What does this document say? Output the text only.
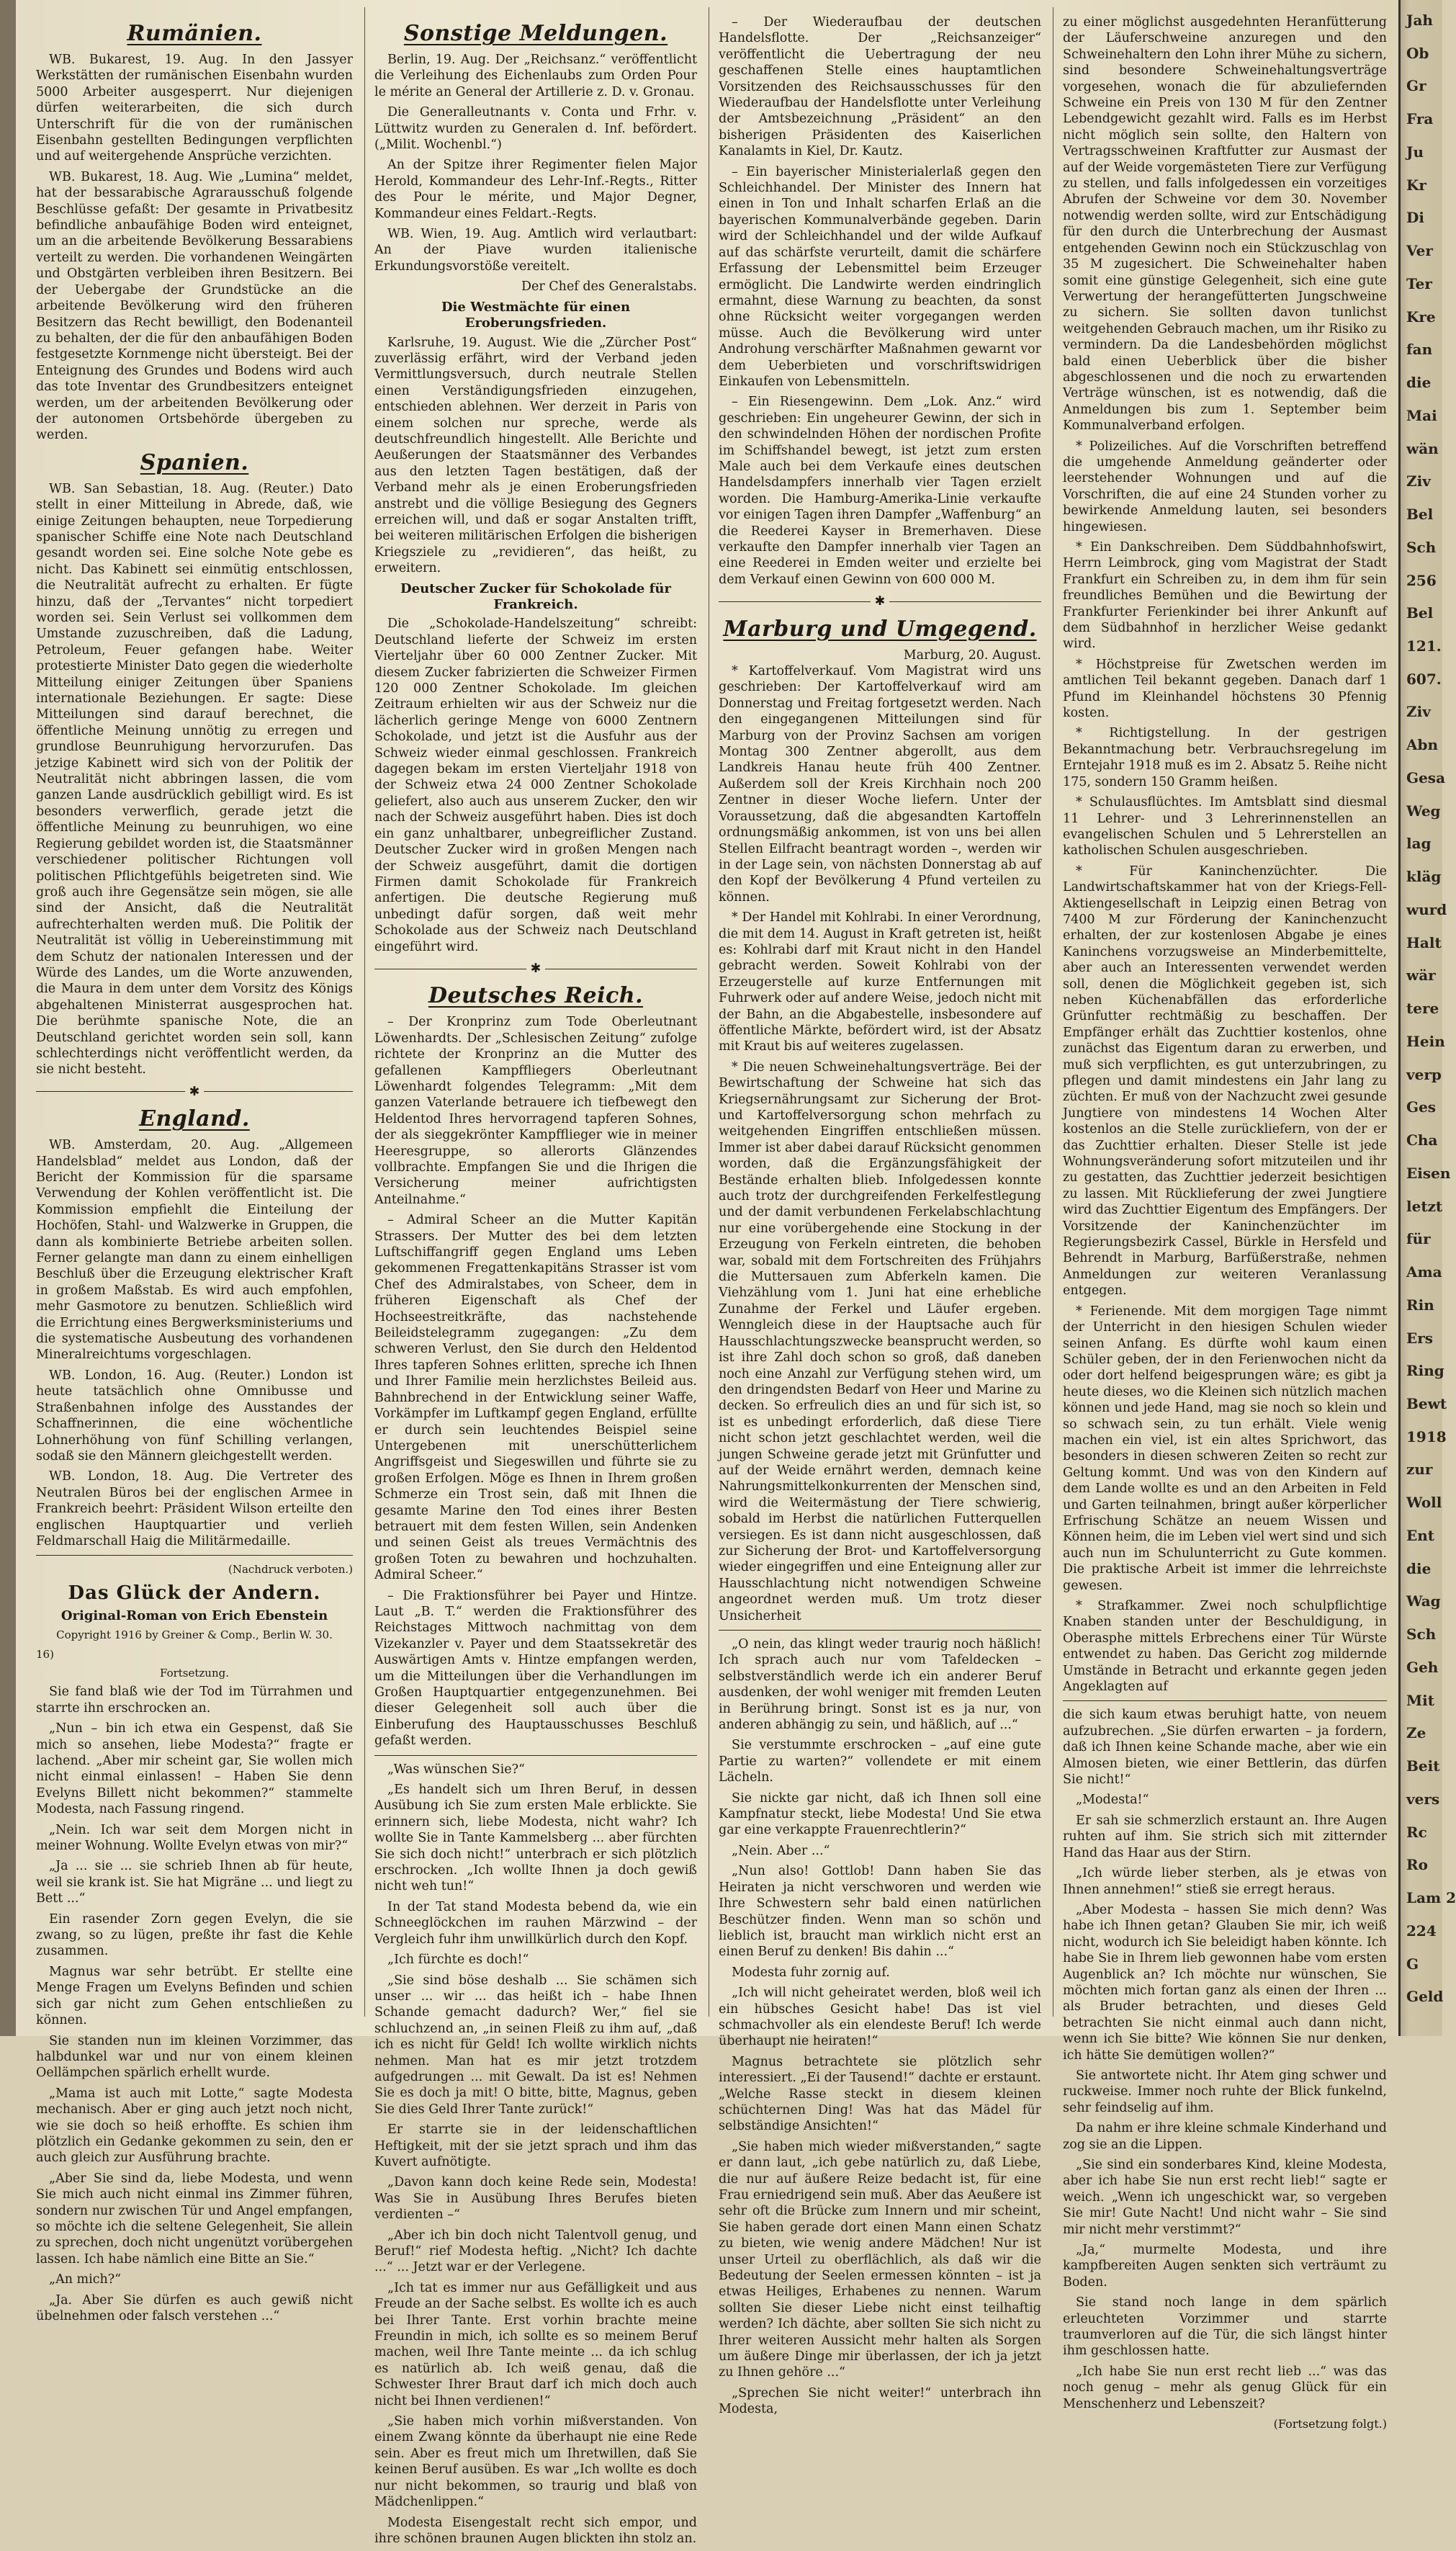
Rumänien.

WB. Bukarest, 19. Aug. In den Jassyer Werkstätten der rumänischen Eisenbahn wurden 5000 Arbeiter ausgesperrt. Nur diejenigen dürfen weiterarbeiten, die sich durch Unterschrift für die von der rumänischen Eisenbahn gestellten Bedingungen verpflichten und auf weitergehende Ansprüche verzichten.

WB. Bukarest, 18. Aug. Wie „Lumina“ meldet, hat der bessarabische Agrarausschuß folgende Beschlüsse gefaßt: Der gesamte in Privatbesitz befindliche anbaufähige Boden wird enteignet, um an die arbeitende Bevölkerung Bessarabiens verteilt zu werden. Die vorhandenen Weingärten und Obstgärten verbleiben ihren Besitzern. Bei der Uebergabe der Grundstücke an die arbeitende Bevölkerung wird den früheren Besitzern das Recht bewilligt, den Bodenanteil zu behalten, der die für den anbaufähigen Boden festgesetzte Kornmenge nicht übersteigt. Bei der Enteignung des Grundes und Bodens wird auch das tote Inventar des Grundbesitzers enteignet werden, um der arbeitenden Bevölkerung oder der autonomen Ortsbehörde übergeben zu werden.

Spanien.

WB. San Sebastian, 18. Aug. (Reuter.) Dato stellt in einer Mitteilung in Abrede, daß, wie einige Zeitungen behaupten, neue Torpedierung spanischer Schiffe eine Note nach Deutschland gesandt worden sei. Eine solche Note gebe es nicht. Das Kabinett sei einmütig entschlossen, die Neutralität aufrecht zu erhalten. Er fügte hinzu, daß der „Tervantes“ nicht torpediert worden sei. Sein Verlust sei vollkommen dem Umstande zuzuschreiben, daß die Ladung, Petroleum, Feuer gefangen habe. Weiter protestierte Minister Dato gegen die wiederholte Mitteilung einiger Zeitungen über Spaniens internationale Beziehungen. Er sagte: Diese Mitteilungen sind darauf berechnet, die öffentliche Meinung unnötig zu erregen und grundlose Beunruhigung hervorzurufen. Das jetzige Kabinett wird sich von der Politik der Neutralität nicht abbringen lassen, die vom ganzen Lande ausdrücklich gebilligt wird. Es ist besonders verwerflich, gerade jetzt die öffentliche Meinung zu beunruhigen, wo eine Regierung gebildet worden ist, die Staatsmänner verschiedener politischer Richtungen voll politischen Pflichtgefühls beigetreten sind. Wie groß auch ihre Gegensätze sein mögen, sie alle sind der Ansicht, daß die Neutralität aufrechterhalten werden muß. Die Politik der Neutralität ist völlig in Uebereinstimmung mit dem Schutz der nationalen Interessen und der Würde des Landes, um die Worte anzuwenden, die Maura in dem unter dem Vorsitz des Königs abgehaltenen Ministerrat ausgesprochen hat. Die berühmte spanische Note, die an Deutschland gerichtet worden sein soll, kann schlechterdings nicht veröffentlicht werden, da sie nicht besteht.

✱
England.

WB. Amsterdam, 20. Aug. „Allgemeen Handelsblad“ meldet aus London, daß der Bericht der Kommission für die sparsame Verwendung der Kohlen veröffentlicht ist. Die Kommission empfiehlt die Einteilung der Hochöfen, Stahl- und Walzwerke in Gruppen, die dann als kombinierte Betriebe arbeiten sollen. Ferner gelangte man dann zu einem einhelligen Beschluß über die Erzeugung elektrischer Kraft in großem Maßstab. Es wird auch empfohlen, mehr Gasmotore zu benutzen. Schließlich wird die Errichtung eines Bergwerksministeriums und die systematische Ausbeutung des vorhandenen Mineralreichtums vorgeschlagen.

WB. London, 16. Aug. (Reuter.) London ist heute tatsächlich ohne Omnibusse und Straßenbahnen infolge des Ausstandes der Schaffnerinnen, die eine wöchentliche Lohnerhöhung von fünf Schilling verlangen, sodaß sie den Männern gleichgestellt werden.

WB. London, 18. Aug. Die Vertreter des Neutralen Büros bei der englischen Armee in Frankreich beehrt: Präsident Wilson erteilte den englischen Hauptquartier und verlieh Feldmarschall Haig die Militärmedaille.

(Nachdruck verboten.)
Das Glück der Andern.
Original-Roman von Erich Ebenstein
Copyright 1916 by Greiner & Comp., Berlin W. 30.
16)
Fortsetzung.

Sie fand blaß wie der Tod im Türrahmen und starrte ihn erschrocken an.

„Nun – bin ich etwa ein Gespenst, daß Sie mich so ansehen, liebe Modesta?“ fragte er lachend. „Aber mir scheint gar, Sie wollen mich nicht einmal einlassen! – Haben Sie denn Evelyns Billett nicht bekommen?“ stammelte Modesta, nach Fassung ringend.

„Nein. Ich war seit dem Morgen nicht in meiner Wohnung. Wollte Evelyn etwas von mir?“

„Ja ... sie ... sie schrieb Ihnen ab für heute, weil sie krank ist. Sie hat Migräne ... und liegt zu Bett ...“

Ein rasender Zorn gegen Evelyn, die sie zwang, so zu lügen, preßte ihr fast die Kehle zusammen.

Magnus war sehr betrübt. Er stellte eine Menge Fragen um Evelyns Befinden und schien sich gar nicht zum Gehen entschließen zu können.

Sie standen nun im kleinen Vorzimmer, das halbdunkel war und nur von einem kleinen Oellämpchen spärlich erhellt wurde.

„Mama ist auch mit Lotte,“ sagte Modesta mechanisch. Aber er ging auch jetzt noch nicht, wie sie doch so heiß erhoffte. Es schien ihm plötzlich ein Gedanke gekommen zu sein, den er auch gleich zur Ausführung brachte.

„Aber Sie sind da, liebe Modesta, und wenn Sie mich auch nicht einmal ins Zimmer führen, sondern nur zwischen Tür und Angel empfangen, so möchte ich die seltene Gelegenheit, Sie allein zu sprechen, doch nicht ungenützt vorübergehen lassen. Ich habe nämlich eine Bitte an Sie.“

„An mich?“

„Ja. Aber Sie dürfen es auch gewiß nicht übelnehmen oder falsch verstehen ...“

Sonstige Meldungen.

Berlin, 19. Aug. Der „Reichsanz.“ veröffentlicht die Verleihung des Eichenlaubs zum Orden Pour le mérite an General der Artillerie z. D. v. Gronau.

Die Generalleutnants v. Conta und Frhr. v. Lüttwitz wurden zu Generalen d. Inf. befördert. („Milit. Wochenbl.“)

An der Spitze ihrer Regimenter fielen Major Herold, Kommandeur des Lehr-Inf.-Regts., Ritter des Pour le mérite, und Major Degner, Kommandeur eines Feldart.-Regts.

WB. Wien, 19. Aug. Amtlich wird verlautbart: An der Piave wurden italienische Erkundungsvorstöße vereitelt.

Der Chef des Generalstabs.

Die Westmächte für einen Eroberungsfrieden.

Karlsruhe, 19. August. Wie die „Zürcher Post“ zuverlässig erfährt, wird der Verband jeden Vermittlungsversuch, durch neutrale Stellen einen Verständigungsfrieden einzugehen, entschieden ablehnen. Wer derzeit in Paris von einem solchen nur spreche, werde als deutschfreundlich hingestellt. Alle Berichte und Aeußerungen der Staatsmänner des Verbandes aus den letzten Tagen bestätigen, daß der Verband mehr als je einen Eroberungsfrieden anstrebt und die völlige Besiegung des Gegners erreichen will, und daß er sogar Anstalten trifft, bei weiteren militärischen Erfolgen die bisherigen Kriegsziele zu „revidieren“, das heißt, zu erweitern.

Deutscher Zucker für Schokolade für Frankreich.

Die „Schokolade-Handelszeitung“ schreibt: Deutschland lieferte der Schweiz im ersten Vierteljahr über 60 000 Zentner Zucker. Mit diesem Zucker fabrizierten die Schweizer Firmen 120 000 Zentner Schokolade. Im gleichen Zeitraum erhielten wir aus der Schweiz nur die lächerlich geringe Menge von 6000 Zentnern Schokolade, und jetzt ist die Ausfuhr aus der Schweiz wieder einmal geschlossen. Frankreich dagegen bekam im ersten Vierteljahr 1918 von der Schweiz etwa 24 000 Zentner Schokolade geliefert, also auch aus unserem Zucker, den wir nach der Schweiz ausgeführt haben. Dies ist doch ein ganz unhaltbarer, unbegreiflicher Zustand. Deutscher Zucker wird in großen Mengen nach der Schweiz ausgeführt, damit die dortigen Firmen damit Schokolade für Frankreich anfertigen. Die deutsche Regierung muß unbedingt dafür sorgen, daß weit mehr Schokolade aus der Schweiz nach Deutschland eingeführt wird.

✱
Deutsches Reich.

– Der Kronprinz zum Tode Oberleutnant Löwenhardts. Der „Schlesischen Zeitung“ zufolge richtete der Kronprinz an die Mutter des gefallenen Kampffliegers Oberleutnant Löwenhardt folgendes Telegramm: „Mit dem ganzen Vaterlande betrauere ich tiefbewegt den Heldentod Ihres hervorragend tapferen Sohnes, der als sieggekrönter Kampfflieger wie in meiner Heeresgruppe, so allerorts Glänzendes vollbrachte. Empfangen Sie und die Ihrigen die Versicherung meiner aufrichtigsten Anteilnahme.“

– Admiral Scheer an die Mutter Kapitän Strassers. Der Mutter des bei dem letzten Luftschiffangriff gegen England ums Leben gekommenen Fregattenkapitäns Strasser ist vom Chef des Admiralstabes, von Scheer, dem in früheren Eigenschaft als Chef der Hochseestreitkräfte, das nachstehende Beileidstelegramm zugegangen: „Zu dem schweren Verlust, den Sie durch den Heldentod Ihres tapferen Sohnes erlitten, spreche ich Ihnen und Ihrer Familie mein herzlichstes Beileid aus. Bahnbrechend in der Entwicklung seiner Waffe, Vorkämpfer im Luftkampf gegen England, erfüllte er durch sein leuchtendes Beispiel seine Untergebenen mit unerschütterlichem Angriffsgeist und Siegeswillen und führte sie zu großen Erfolgen. Möge es Ihnen in Ihrem großen Schmerze ein Trost sein, daß mit Ihnen die gesamte Marine den Tod eines ihrer Besten betrauert mit dem festen Willen, sein Andenken und seinen Geist als treues Vermächtnis des großen Toten zu bewahren und hochzuhalten. Admiral Scheer.“

– Die Fraktionsführer bei Payer und Hintze. Laut „B. T.“ werden die Fraktionsführer des Reichstages Mittwoch nachmittag von dem Vizekanzler v. Payer und dem Staatssekretär des Auswärtigen Amts v. Hintze empfangen werden, um die Mitteilungen über die Verhandlungen im Großen Hauptquartier entgegenzunehmen. Bei dieser Gelegenheit soll auch über die Einberufung des Hauptausschusses Beschluß gefaßt werden.

„Was wünschen Sie?“

„Es handelt sich um Ihren Beruf, in dessen Ausübung ich Sie zum ersten Male erblickte. Sie erinnern sich, liebe Modesta, nicht wahr? Ich wollte Sie in Tante Kammelsberg ... aber fürchten Sie sich doch nicht!“ unterbrach er sich plötzlich erschrocken. „Ich wollte Ihnen ja doch gewiß nicht weh tun!“

In der Tat stand Modesta bebend da, wie ein Schneeglöckchen im rauhen Märzwind – der Vergleich fuhr ihm unwillkürlich durch den Kopf.

„Ich fürchte es doch!“

„Sie sind böse deshalb ... Sie schämen sich unser ... wir ... das heißt ich – habe Ihnen Schande gemacht dadurch? Wer,“ fiel sie schluchzend an, „in seinen Fleiß zu ihm auf, „daß ich es nicht für Geld! Ich wollte wirklich nichts nehmen. Man hat es mir jetzt trotzdem aufgedrungen ... mit Gewalt. Da ist es! Nehmen Sie es doch ja mit! O bitte, bitte, Magnus, geben Sie dies Geld Ihrer Tante zurück!“

Er starrte sie in der leidenschaftlichen Heftigkeit, mit der sie jetzt sprach und ihm das Kuvert aufnötigte.

„Davon kann doch keine Rede sein, Modesta! Was Sie in Ausübung Ihres Berufes bieten verdienten –“

„Aber ich bin doch nicht Talentvoll genug, und Beruf!“ rief Modesta heftig. „Nicht? Ich dachte ...“ ... Jetzt war er der Verlegene.

„Ich tat es immer nur aus Gefälligkeit und aus Freude an der Sache selbst. Es wollte ich es auch bei Ihrer Tante. Erst vorhin brachte meine Freundin in mich, ich sollte es so meinem Beruf machen, weil Ihre Tante meinte ... da ich schlug es natürlich ab. Ich weiß genau, daß die Schwester Ihrer Braut darf ich mich doch auch nicht bei Ihnen verdienen!“

„Sie haben mich vorhin mißverstanden. Von einem Zwang könnte da überhaupt nie eine Rede sein. Aber es freut mich um Ihretwillen, daß Sie keinen Beruf ausüben. Es war „Ich wollte es doch nur nicht bekommen, so traurig und blaß von Mädchenlippen.“

Modesta Eisengestalt recht sich empor, und ihre schönen braunen Augen blickten ihn stolz an.

– Der Wiederaufbau der deutschen Handelsflotte. Der „Reichsanzeiger“ veröffentlicht die Uebertragung der neu geschaffenen Stelle eines hauptamtlichen Vorsitzenden des Reichsausschusses für den Wiederaufbau der Handelsflotte unter Verleihung der Amtsbezeichnung „Präsident“ an den bisherigen Präsidenten des Kaiserlichen Kanalamts in Kiel, Dr. Kautz.

– Ein bayerischer Ministerialerlaß gegen den Schleichhandel. Der Minister des Innern hat einen in Ton und Inhalt scharfen Erlaß an die bayerischen Kommunalverbände gegeben. Darin wird der Schleichhandel und der wilde Aufkauf auf das schärfste verurteilt, damit die schärfere Erfassung der Lebensmittel beim Erzeuger ermöglicht. Die Landwirte werden eindringlich ermahnt, diese Warnung zu beachten, da sonst ohne Rücksicht weiter vorgegangen werden müsse. Auch die Bevölkerung wird unter Androhung verschärfter Maßnahmen gewarnt vor dem Ueberbieten und vorschriftswidrigen Einkaufen von Lebensmitteln.

– Ein Riesengewinn. Dem „Lok. Anz.“ wird geschrieben: Ein ungeheurer Gewinn, der sich in den schwindelnden Höhen der nordischen Profite im Schiffshandel bewegt, ist jetzt zum ersten Male auch bei dem Verkaufe eines deutschen Handelsdampfers innerhalb vier Tagen erzielt worden. Die Hamburg-Amerika-Linie verkaufte vor einigen Tagen ihren Dampfer „Waffenburg“ an die Reederei Kayser in Bremerhaven. Diese verkaufte den Dampfer innerhalb vier Tagen an eine Reederei in Emden weiter und erzielte bei dem Verkauf einen Gewinn von 600 000 M.

✱
Marburg und Umgegend.
Marburg, 20. August.

* Kartoffelverkauf. Vom Magistrat wird uns geschrieben: Der Kartoffelverkauf wird am Donnerstag und Freitag fortgesetzt werden. Nach den eingegangenen Mitteilungen sind für Marburg von der Provinz Sachsen am vorigen Montag 300 Zentner abgerollt, aus dem Landkreis Hanau heute früh 400 Zentner. Außerdem soll der Kreis Kirchhain noch 200 Zentner in dieser Woche liefern. Unter der Voraussetzung, daß die abgesandten Kartoffeln ordnungsmäßig ankommen, ist von uns bei allen Stellen Eilfracht beantragt worden –, werden wir in der Lage sein, von nächsten Donnerstag ab auf den Kopf der Bevölkerung 4 Pfund verteilen zu können.

* Der Handel mit Kohlrabi. In einer Verordnung, die mit dem 14. August in Kraft getreten ist, heißt es: Kohlrabi darf mit Kraut nicht in den Handel gebracht werden. Soweit Kohlrabi von der Erzeugerstelle auf kurze Entfernungen mit Fuhrwerk oder auf andere Weise, jedoch nicht mit der Bahn, an die Abgabestelle, insbesondere auf öffentliche Märkte, befördert wird, ist der Absatz mit Kraut bis auf weiteres zugelassen.

* Die neuen Schweinehaltungsverträge. Bei der Bewirtschaftung der Schweine hat sich das Kriegsernährungsamt zur Sicherung der Brot- und Kartoffelversorgung schon mehrfach zu weitgehenden Eingriffen entschließen müssen. Immer ist aber dabei darauf Rücksicht genommen worden, daß die Ergänzungsfähigkeit der Bestände erhalten blieb. Infolgedessen konnte auch trotz der durchgreifenden Ferkelfestlegung und der damit verbundenen Ferkelabschlachtung nur eine vorübergehende eine Stockung in der Erzeugung von Ferkeln eintreten, die behoben war, sobald mit dem Fortschreiten des Frühjahrs die Muttersauen zum Abferkeln kamen. Die Viehzählung vom 1. Juni hat eine erhebliche Zunahme der Ferkel und Läufer ergeben. Wenngleich diese in der Hauptsache auch für Hausschlachtungszwecke beansprucht werden, so ist ihre Zahl doch schon so groß, daß daneben noch eine Anzahl zur Verfügung stehen wird, um den dringendsten Bedarf von Heer und Marine zu decken. So erfreulich dies an und für sich ist, so ist es unbedingt erforderlich, daß diese Tiere nicht schon jetzt geschlachtet werden, weil die jungen Schweine gerade jetzt mit Grünfutter und auf der Weide ernährt werden, demnach keine Nahrungsmittelkonkurrenten der Menschen sind, wird die Weitermästung der Tiere schwierig, sobald im Herbst die natürlichen Futterquellen versiegen. Es ist dann nicht ausgeschlossen, daß zur Sicherung der Brot- und Kartoffelversorgung wieder eingegriffen und eine Enteignung aller zur Hausschlachtung nicht notwendigen Schweine angeordnet werden muß. Um trotz dieser Unsicherheit

„O nein, das klingt weder traurig noch häßlich! Ich sprach auch nur vom Tafeldecken – selbstverständlich werde ich ein anderer Beruf ausdenken, der wohl weniger mit fremden Leuten in Berührung bringt. Sonst ist es ja nur, von anderen abhängig zu sein, und häßlich, auf ...“

Sie verstummte erschrocken – „auf eine gute Partie zu warten?“ vollendete er mit einem Lächeln.

Sie nickte gar nicht, daß ich Ihnen soll eine Kampfnatur steckt, liebe Modesta! Und Sie etwa gar eine verkappte Frauenrechtlerin?“

„Nein. Aber ...“

„Nun also! Gottlob! Dann haben Sie das Heiraten ja nicht verschworen und werden wie Ihre Schwestern sehr bald einen natürlichen Beschützer finden. Wenn man so schön und lieblich ist, braucht man wirklich nicht erst an einen Beruf zu denken! Bis dahin ...“

Modesta fuhr zornig auf.

„Ich will nicht geheiratet werden, bloß weil ich ein hübsches Gesicht habe! Das ist viel schmachvoller als ein elendeste Beruf! Ich werde überhaupt nie heiraten!“

Magnus betrachtete sie plötzlich sehr interessiert. „Ei der Tausend!“ dachte er erstaunt. „Welche Rasse steckt in diesem kleinen schüchternen Ding! Was hat das Mädel für selbständige Ansichten!“

„Sie haben mich wieder mißverstanden,“ sagte er dann laut, „ich gebe natürlich zu, daß Liebe, die nur auf äußere Reize bedacht ist, für eine Frau erniedrigend sein muß. Aber das Aeußere ist sehr oft die Brücke zum Innern und mir scheint, Sie haben gerade dort einen Mann einen Schatz zu bieten, wie wenig andere Mädchen! Nur ist unser Urteil zu oberflächlich, als daß wir die Bedeutung der Seelen ermessen könnten – ist ja etwas Heiliges, Erhabenes zu nennen. Warum sollten Sie dieser Liebe nicht einst teilhaftig werden? Ich dächte, aber sollten Sie sich nicht zu Ihrer weiteren Aussicht mehr halten als Sorgen um äußere Dinge mir überlassen, der ich ja jetzt zu Ihnen gehöre ...“

„Sprechen Sie nicht weiter!“ unterbrach ihn Modesta,

zu einer möglichst ausgedehnten Heranfütterung der Läuferschweine anzuregen und den Schweinehaltern den Lohn ihrer Mühe zu sichern, sind besondere Schweinehaltungsverträge vorgesehen, wonach die für abzuliefernden Schweine ein Preis von 130 M für den Zentner Lebendgewicht gezahlt wird. Falls es im Herbst nicht möglich sein sollte, den Haltern von Vertragsschweinen Kraftfutter zur Ausmast der auf der Weide vorgemästeten Tiere zur Verfügung zu stellen, und falls infolgedessen ein vorzeitiges Abrufen der Schweine vor dem 30. November notwendig werden sollte, wird zur Entschädigung für den durch die Unterbrechung der Ausmast entgehenden Gewinn noch ein Stückzuschlag von 35 M zugesichert. Die Schweinehalter haben somit eine günstige Gelegenheit, sich eine gute Verwertung der herangefütterten Jungschweine zu sichern. Sie sollten davon tunlichst weitgehenden Gebrauch machen, um ihr Risiko zu vermindern. Da die Landesbehörden möglichst bald einen Ueberblick über die bisher abgeschlossenen und die noch zu erwartenden Verträge wünschen, ist es notwendig, daß die Anmeldungen bis zum 1. September beim Kommunalverband erfolgen.

* Polizeiliches. Auf die Vorschriften betreffend die umgehende Anmeldung geänderter oder leerstehender Wohnungen und auf die Vorschriften, die auf eine 24 Stunden vorher zu bewirkende Anmeldung lauten, sei besonders hingewiesen.

* Ein Dankschreiben. Dem Süddbahnhofswirt, Herrn Leimbrock, ging vom Magistrat der Stadt Frankfurt ein Schreiben zu, in dem ihm für sein freundliches Bemühen und die Bewirtung der Frankfurter Ferienkinder bei ihrer Ankunft auf dem Südbahnhof in herzlicher Weise gedankt wird.

* Höchstpreise für Zwetschen werden im amtlichen Teil bekannt gegeben. Danach darf 1 Pfund im Kleinhandel höchstens 30 Pfennig kosten.

* Richtigstellung. In der gestrigen Bekanntmachung betr. Verbrauchsregelung im Erntejahr 1918 muß es im 2. Absatz 5. Reihe nicht 175, sondern 150 Gramm heißen.

* Schulausflüchtes. Im Amtsblatt sind diesmal 11 Lehrer- und 3 Lehrerinnenstellen an evangelischen Schulen und 5 Lehrerstellen an katholischen Schulen ausgeschrieben.

* Für Kaninchenzüchter. Die Landwirtschaftskammer hat von der Kriegs-Fell-Aktiengesellschaft in Leipzig einen Betrag von 7400 M zur Förderung der Kaninchenzucht erhalten, der zur kostenlosen Abgabe je eines Kaninchens vorzugsweise an Minderbemittelte, aber auch an Interessenten verwendet werden soll, denen die Möglichkeit gegeben ist, sich neben Küchenabfällen das erforderliche Grünfutter rechtmäßig zu beschaffen. Der Empfänger erhält das Zuchttier kostenlos, ohne zunächst das Eigentum daran zu erwerben, und muß sich verpflichten, es gut unterzubringen, zu pflegen und damit mindestens ein Jahr lang zu züchten. Er muß von der Nachzucht zwei gesunde Jungtiere von mindestens 14 Wochen Alter kostenlos an die Stelle zurückliefern, von der er das Zuchttier erhalten. Dieser Stelle ist jede Wohnungsveränderung sofort mitzuteilen und ihr zu gestatten, das Zuchttier jederzeit besichtigen zu lassen. Mit Rücklieferung der zwei Jungtiere wird das Zuchttier Eigentum des Empfängers. Der Vorsitzende der Kaninchenzüchter im Regierungsbezirk Cassel, Bürkle in Hersfeld und Behrendt in Marburg, Barfüßerstraße, nehmen Anmeldungen zur weiteren Veranlassung entgegen.

* Ferienende. Mit dem morgigen Tage nimmt der Unterricht in den hiesigen Schulen wieder seinen Anfang. Es dürfte wohl kaum einen Schüler geben, der in den Ferienwochen nicht da oder dort helfend beigesprungen wäre; es gibt ja heute dieses, wo die Kleinen sich nützlich machen können und jede Hand, mag sie noch so klein und so schwach sein, zu tun erhält. Viele wenig machen ein viel, ist ein altes Sprichwort, das besonders in diesen schweren Zeiten so recht zur Geltung kommt. Und was von den Kindern auf dem Lande wollte es und an den Arbeiten in Feld und Garten teilnahmen, bringt außer körperlicher Erfrischung Schätze an neuem Wissen und Können heim, die im Leben viel wert sind und sich auch nun im Schulunterricht zu Gute kommen. Die praktische Arbeit ist immer die lehrreichste gewesen.

* Strafkammer. Zwei noch schulpflichtige Knaben standen unter der Beschuldigung, in Oberasphe mittels Erbrechens einer Tür Würste entwendet zu haben. Das Gericht zog mildernde Umstände in Betracht und erkannte gegen jeden Angeklagten auf

die sich kaum etwas beruhigt hatte, von neuem aufzubrechen. „Sie dürfen erwarten – ja fordern, daß ich Ihnen keine Schande mache, aber wie ein Almosen bieten, wie einer Bettlerin, das dürfen Sie nicht!“

„Modesta!“

Er sah sie schmerzlich erstaunt an. Ihre Augen ruhten auf ihm. Sie strich sich mit zitternder Hand das Haar aus der Stirn.

„Ich würde lieber sterben, als je etwas von Ihnen annehmen!“ stieß sie erregt heraus.

„Aber Modesta – hassen Sie mich denn? Was habe ich Ihnen getan? Glauben Sie mir, ich weiß nicht, wodurch ich Sie beleidigt haben könnte. Ich habe Sie in Ihrem lieb gewonnen habe vom ersten Augenblick an? Ich möchte nur wünschen, Sie möchten mich fortan ganz als einen der Ihren ... als Bruder betrachten, und dieses Geld betrachten Sie nicht einmal auch dann nicht, wenn ich Sie bitte? Wie können Sie nur denken, ich hätte Sie demütigen wollen?“

Sie antwortete nicht. Ihr Atem ging schwer und ruckweise. Immer noch ruhte der Blick funkelnd, sehr feindselig auf ihm.

Da nahm er ihre kleine schmale Kinderhand und zog sie an die Lippen.

„Sie sind ein sonderbares Kind, kleine Modesta, aber ich habe Sie nun erst recht lieb!“ sagte er weich. „Wenn ich ungeschickt war, so vergeben Sie mir! Gute Nacht! Und nicht wahr – Sie sind mir nicht mehr verstimmt?“

„Ja,“ murmelte Modesta, und ihre kampfbereiten Augen senkten sich verträumt zu Boden.

Sie stand noch lange in dem spärlich erleuchteten Vorzimmer und starrte traumverloren auf die Tür, die sich längst hinter ihm geschlossen hatte.

„Ich habe Sie nun erst recht lieb ...“ was das noch genug – mehr als genug Glück für ein Menschenherz und Lebenszeit?

(Fortsetzung folgt.)
Jah
Ob
Gr
Fra
Ju
Kr
Di
Ver
Ter
Kre
fan
die
Mai
wän
Ziv
Bel
Sch
256
Bel
121.
607.
Ziv
Abn
Gesa
Weg
lag
kläg
wurd
Halt
wär
tere
Hein
verp
Ges
Cha
Eisen
letzt
für
Ama
Rin
Ers
Ring
Bewt
1918
zur
Woll
Ent
die
Wag
Sch
Geh
Mit
Ze
Beit
vers
Rc
Ro
Lam 2
224
G
Geld
